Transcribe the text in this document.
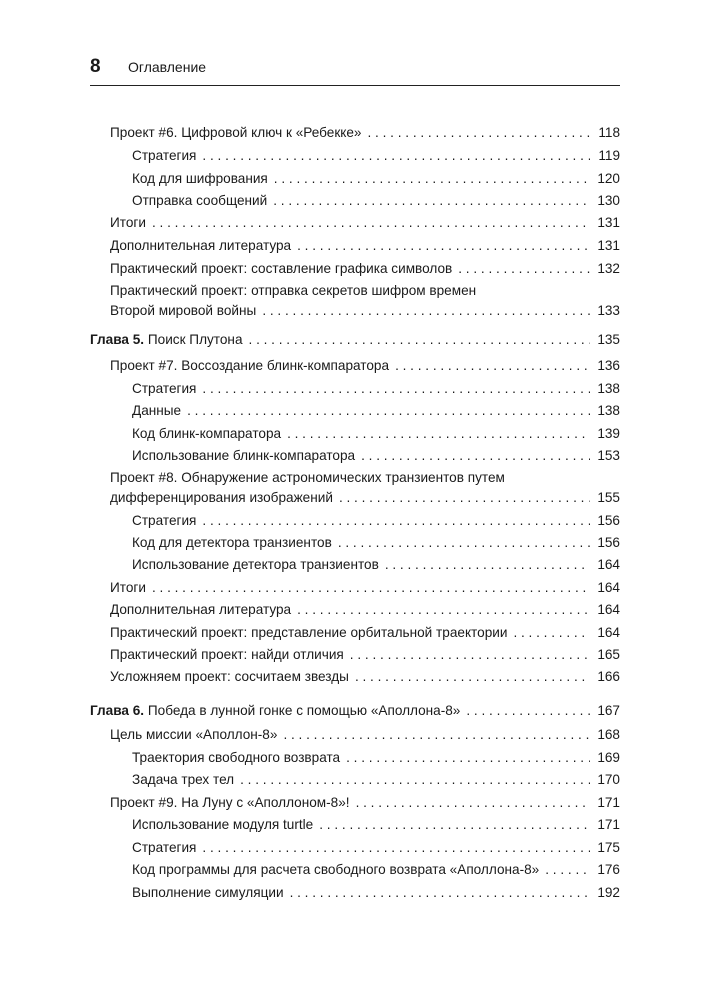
8 Оглавление
Проект #6. Цифровой ключ к «Ребекке» . . .	118
Стратегия . . .	119
Код для шифрования . . .	120
Отправка сообщений . . .	130
Итоги . . .	131
Дополнительная литература . . .	131
Практический проект: составление графика символов . . .	132
Практический проект: отправка секретов шифром времен
Второй мировой войны . . .	133
Глава 5. Поиск Плутона . . .	135
Проект #7. Воссоздание блинк-компаратора . . .	136
Стратегия . . .	138
Данные . . .	138
Код блинк-компаратора . . .	139
Использование блинк-компаратора . . .	153
Проект #8. Обнаружение астрономических транзиентов путем
дифференцирования изображений . . .	155
Стратегия . . .	156
Код для детектора транзиентов . . .	156
Использование детектора транзиентов . . .	164
Итоги . . .	164
Дополнительная литература . . .	164
Практический проект: представление орбитальной траектории . . .	164
Практический проект: найди отличия . . .	165
Усложняем проект: сосчитаем звезды . . .	166
Глава 6. Победа в лунной гонке с помощью «Аполлона-8» . . .	167
Цель миссии «Аполлон-8» . . .	168
Траектория свободного возврата . . .	169
Задача трех тел . . .	170
Проект #9. На Луну с «Аполлоном-8»! . . .	171
Использование модуля turtle . . .	171
Стратегия . . .	175
Код программы для расчета свободного возврата «Аполлона-8» . . .	176
Выполнение симуляции . . .	192
